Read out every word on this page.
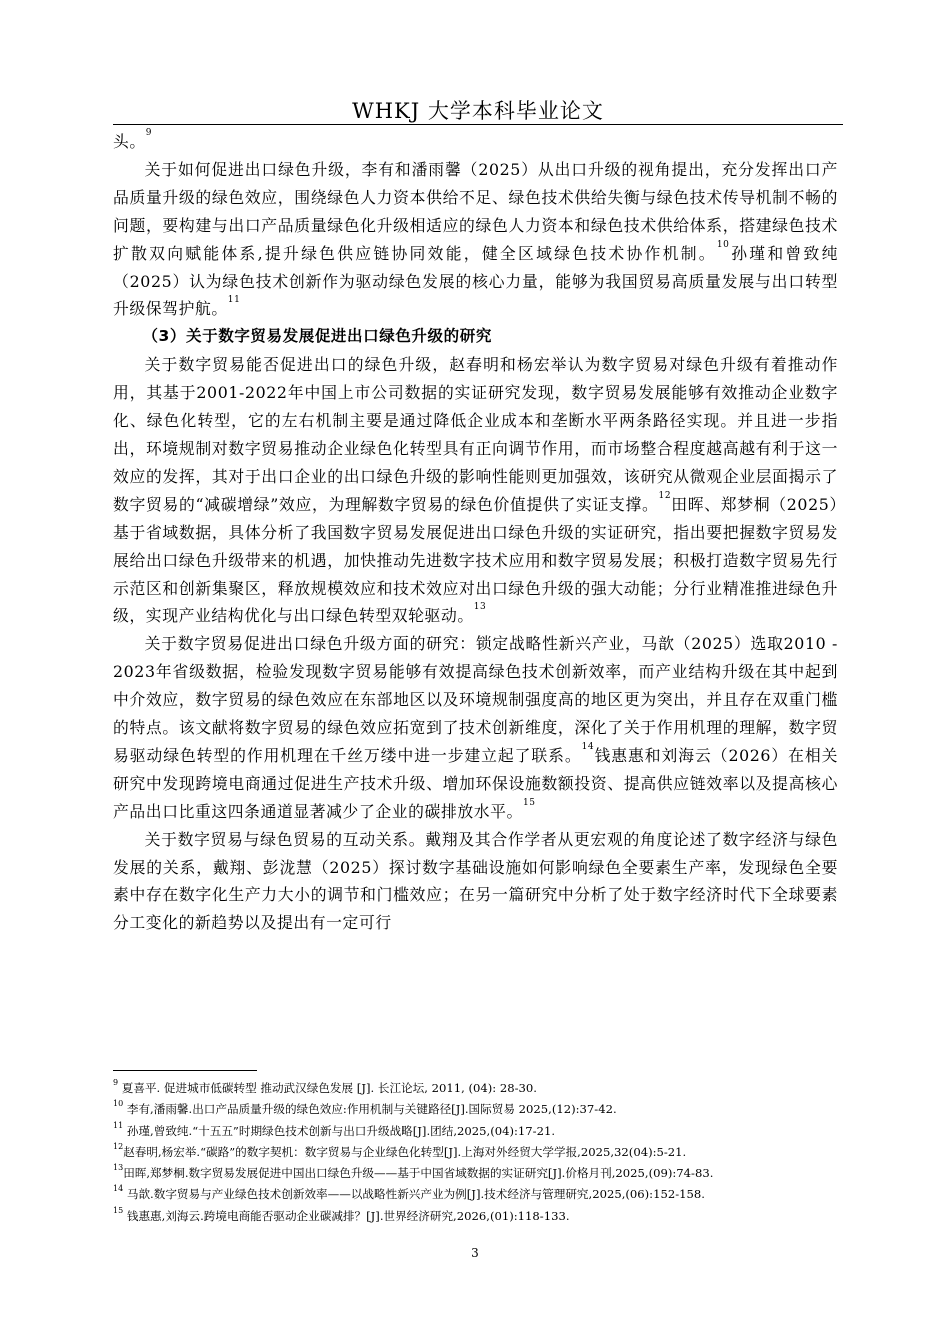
WHKJ 大学本科毕业论文

头。$^9$

关于如何促进出口绿色升级，李有和潘雨馨（2025）从出口升级的视角提出，充分发挥出口产品质量升级的绿色效应，围绕绿色人力资本供给不足、绿色技术供给失衡与绿色技术传导机制不畅的问题，要构建与出口产品质量绿色化升级相适应的绿色人力资本和绿色技术供给体系，搭建绿色技术扩散双向赋能体系,提升绿色供应链协同效能，健全区域绿色技术协作机制。$^{10}$孙瑾和曾致纯（2025）认为绿色技术创新作为驱动绿色发展的核心力量，能够为我国贸易高质量发展与出口转型升级保驾护航。$^{11}$

（3）关于数字贸易发展促进出口绿色升级的研究

关于数字贸易能否促进出口的绿色升级，赵春明和杨宏举认为数字贸易对绿色升级有着推动作用，其基于2001-2022年中国上市公司数据的实证研究发现，数字贸易发展能够有效推动企业数字化、绿色化转型，它的左右机制主要是通过降低企业成本和垄断水平两条路径实现。并且进一步指出，环境规制对数字贸易推动企业绿色化转型具有正向调节作用，而市场整合程度越高越有利于这一效应的发挥，其对于出口企业的出口绿色升级的影响性能则更加强效，该研究从微观企业层面揭示了数字贸易的“减碳增绿”效应，为理解数字贸易的绿色价值提供了实证支撑。$^{12}$田晖、郑梦桐（2025）基于省域数据，具体分析了我国数字贸易发展促进出口绿色升级的实证研究，指出要把握数字贸易发展给出口绿色升级带来的机遇，加快推动先进数字技术应用和数字贸易发展；积极打造数字贸易先行示范区和创新集聚区，释放规模效应和技术效应对出口绿色升级的强大动能；分行业精准推进绿色升级，实现产业结构优化与出口绿色转型双轮驱动。$^{13}$

关于数字贸易促进出口绿色升级方面的研究：锁定战略性新兴产业，马歆（2025）选取2010 - 2023年省级数据，检验发现数字贸易能够有效提高绿色技术创新效率，而产业结构升级在其中起到中介效应，数字贸易的绿色效应在东部地区以及环境规制强度高的地区更为突出，并且存在双重门槛的特点。该文献将数字贸易的绿色效应拓宽到了技术创新维度，深化了关于作用机理的理解，数字贸易驱动绿色转型的作用机理在千丝万缕中进一步建立起了联系。$^{14}$钱惠惠和刘海云（2026）在相关研究中发现跨境电商通过促进生产技术升级、增加环保设施数额投资、提高供应链效率以及提高核心产品出口比重这四条通道显著减少了企业的碳排放水平。$^{15}$

关于数字贸易与绿色贸易的互动关系。戴翔及其合作学者从更宏观的角度论述了数字经济与绿色发展的关系，戴翔、彭泷慧（2025）探讨数字基础设施如何影响绿色全要素生产率，发现绿色全要素中存在数字化生产力大小的调节和门槛效应；在另一篇研究中分析了处于数字经济时代下全球要素分工变化的新趋势以及提出有一定可行

$^9$ 夏喜平. 促进城市低碳转型 推动武汉绿色发展 [J]. 长江论坛, 2011, (04): 28-30.
$^{10}$ 李有,潘雨馨.出口产品质量升级的绿色效应:作用机制与关键路径[J].国际贸易 2025,(12):37-42.
$^{11}$ 孙瑾,曾致纯.“十五五”时期绿色技术创新与出口升级战略[J].团结,2025,(04):17-21.
$^{12}$赵春明,杨宏举.“碳路”的数字契机：数字贸易与企业绿色化转型[J].上海对外经贸大学学报,2025,32(04):5-21.
$^{13}$田晖,郑梦桐.数字贸易发展促进中国出口绿色升级——基于中国省域数据的实证研究[J].价格月刊,2025,(09):74-83.
$^{14}$ 马歆.数字贸易与产业绿色技术创新效率——以战略性新兴产业为例[J].技术经济与管理研究,2025,(06):152-158.
$^{15}$ 钱惠惠,刘海云.跨境电商能否驱动企业碳减排？[J].世界经济研究,2026,(01):118-133.
3
